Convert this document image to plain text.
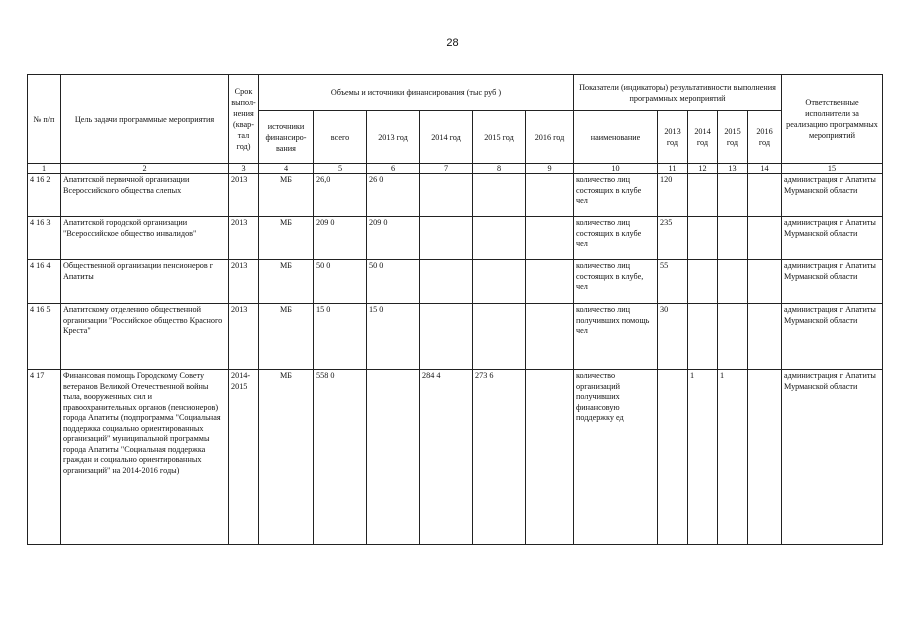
28
№ п/п	Цель задачи программные мероприятия	Срок выпол-нения (квар-тал год)	Объемы и источники финансирования (тыс руб )						Показатели (индикаторы) результативности выполнения программных мероприятий					Ответственные исполнители за реализацию программных мероприятий
			источники финансиро-вания	всего	2013 год	2014 год	2015 год	2016 год	наименование	2013 год	2014 год	2015 год	2016 год	
1	2	3	4	5	6	7	8	9	10	11	12	13	14	15
4 16 2	Апатитской первичной организации Всероссийского общества слепых	2013	МБ	26,0	26 0				количество лиц состоящих в клубе чел	120				администрация г Апатиты Мурманской области
4 16 3	Апатитской городской организации "Всероссийское общество инвалидов"	2013	МБ	209 0	209 0				количество лиц состоящих в клубе чел	235				администрация г Апатиты Мурманской области
4 16 4	Общественной организации пенсионеров г Апатиты	2013	МБ	50 0	50 0				количество лиц состоящих в клубе, чел	55				администрация г Апатиты Мурманской области
4 16 5	Апатитскому отделению общественной организации "Российское общество Красного Креста"	2013	МБ	15 0	15 0				количество лиц получивших помощь чел	30				администрация г Апатиты Мурманской области
4 17	Финансовая помощь Городскому Совету ветеранов Великой Отечественной войны тыла, вооруженных сил и правоохранительных органов (пенсионеров) города Апатиты (подпрограмма "Социальная поддержка социально ориентированных организаций" муниципальной программы города Апатиты "Социальная поддержка граждан и социально ориентированных организаций" на 2014-2016 годы)	2014-2015	МБ	558 0		284 4	273 6		количество организаций получивших финансовую поддержку ед		1	1		администрация г Апатиты Мурманской области
